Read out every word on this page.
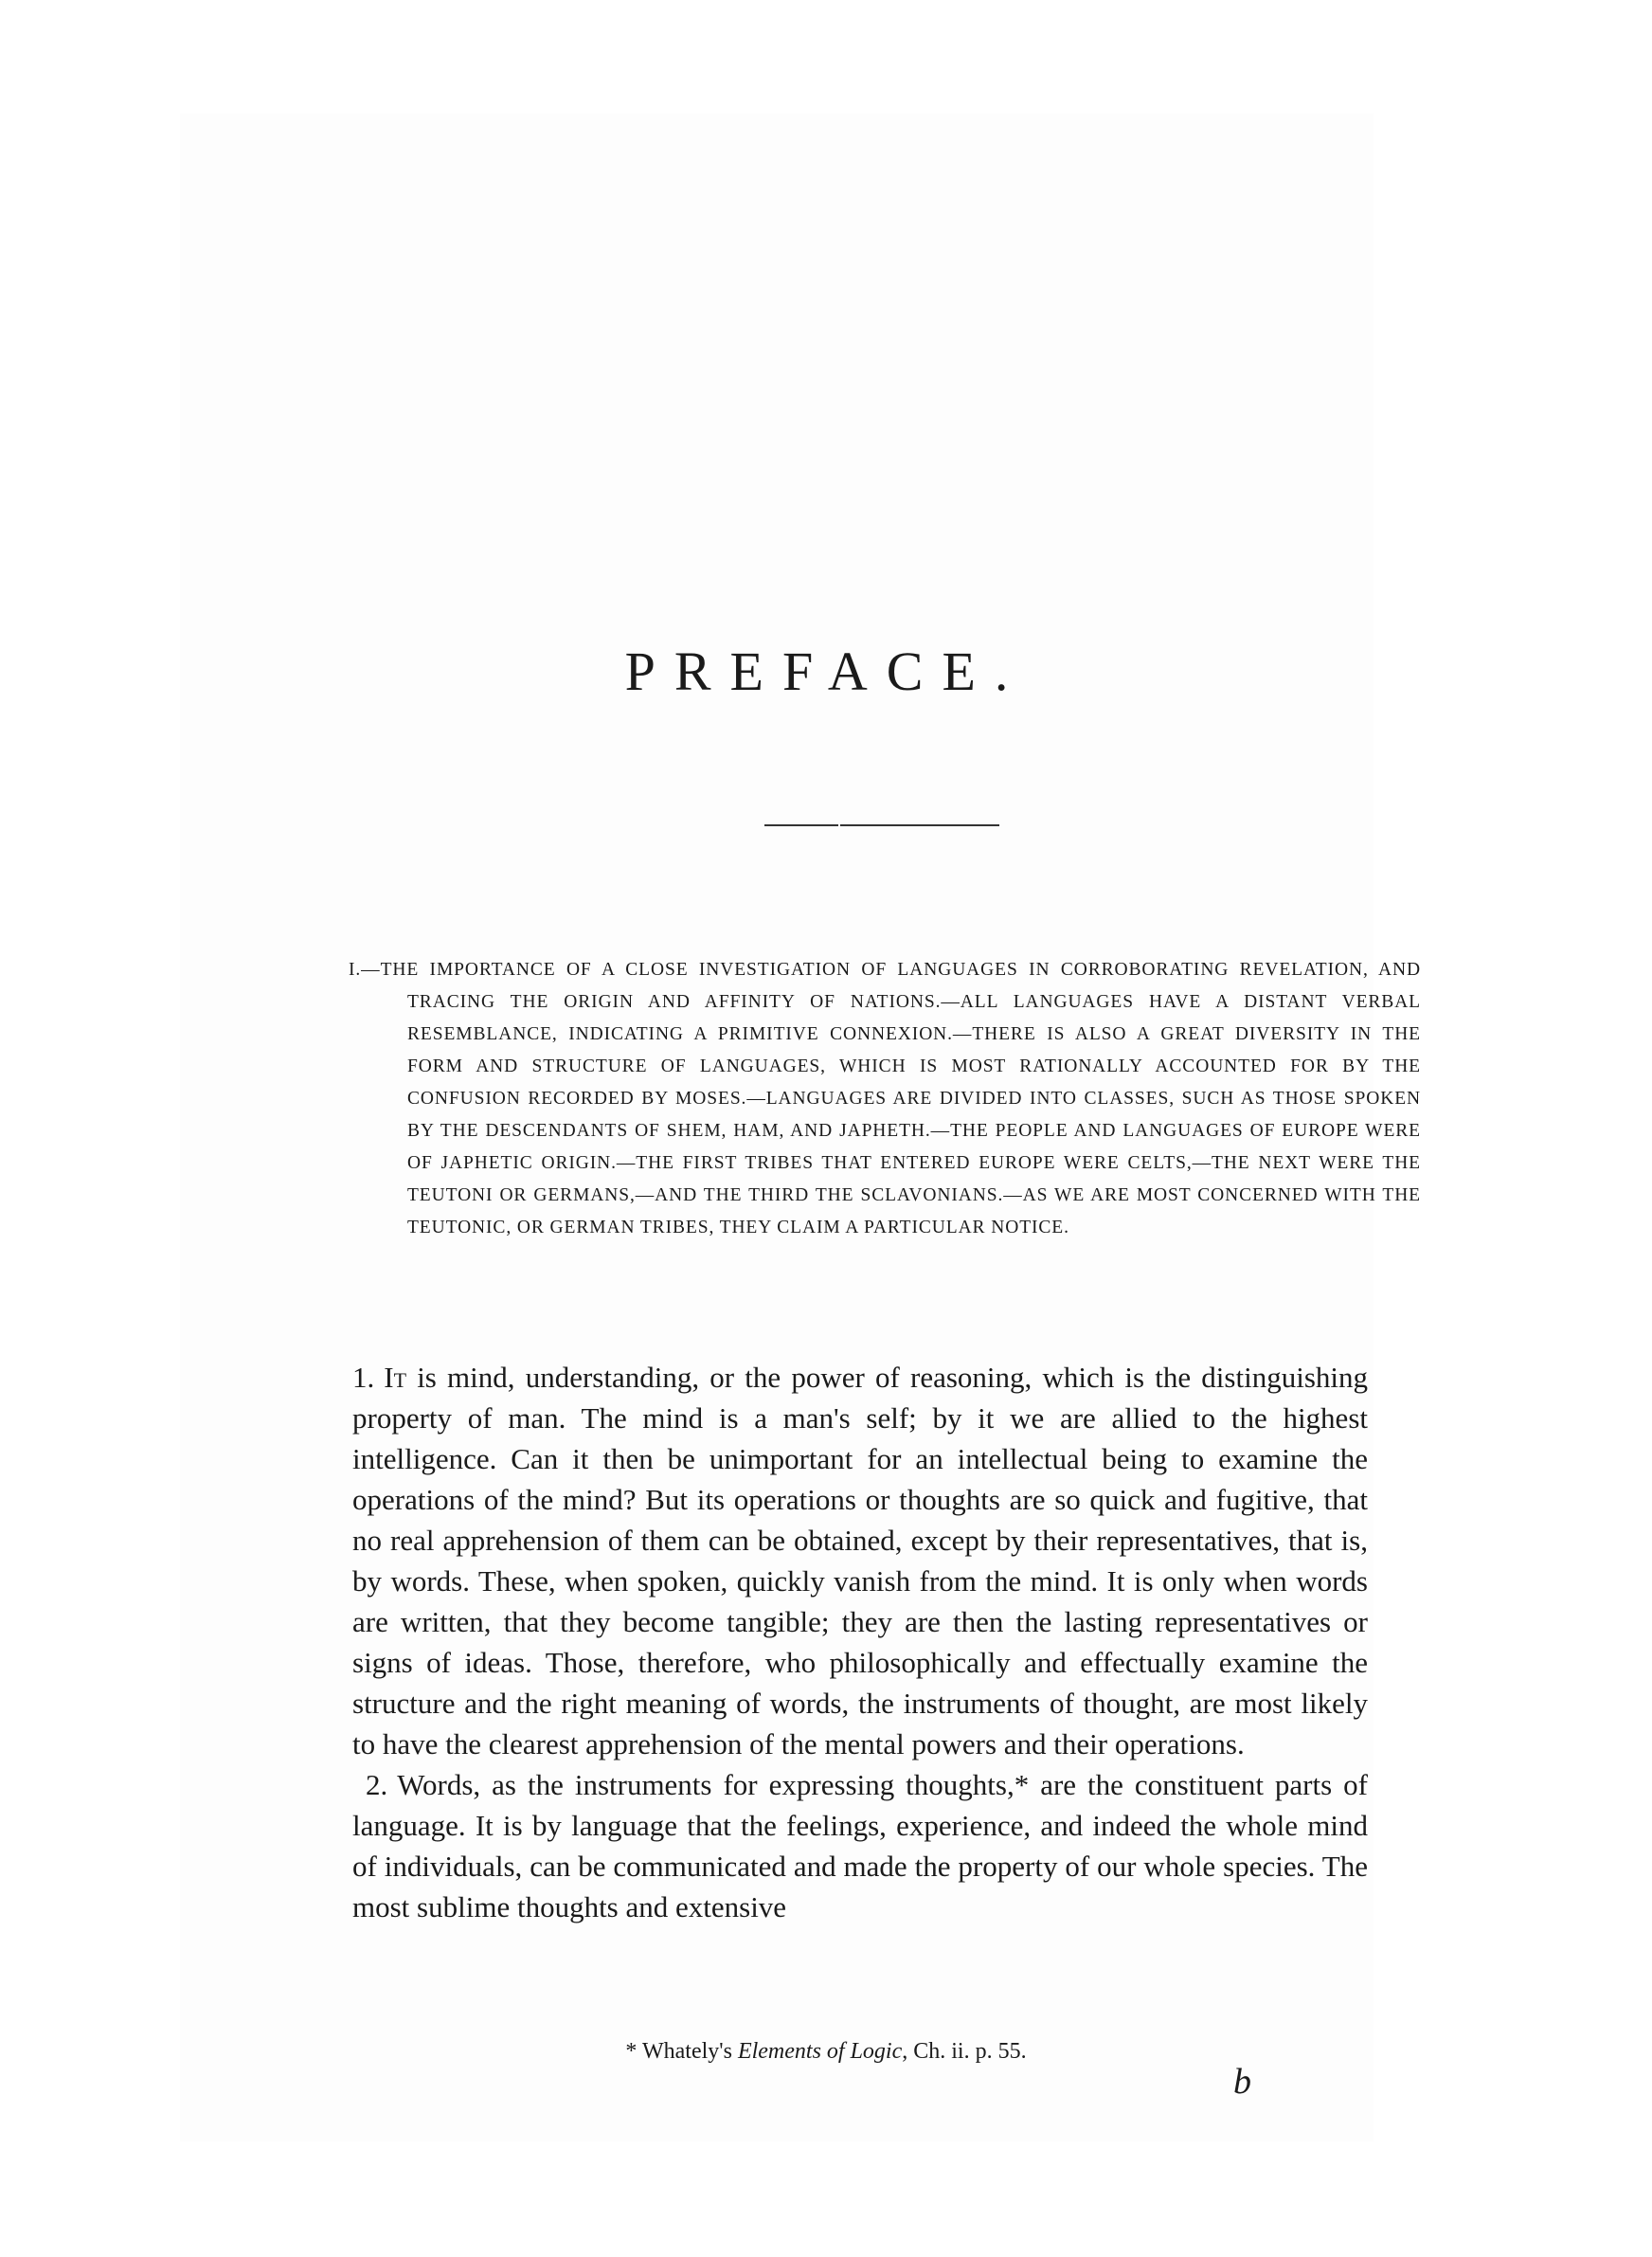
PREFACE.

I.—THE IMPORTANCE OF A CLOSE INVESTIGATION OF LANGUAGES IN CORROBORATING REVELATION, AND TRACING THE ORIGIN AND AFFINITY OF NATIONS.—ALL LANGUAGES HAVE A DISTANT VERBAL RESEMBLANCE, INDICATING A PRIMITIVE CONNEXION.—THERE IS ALSO A GREAT DIVERSITY IN THE FORM AND STRUCTURE OF LANGUAGES, WHICH IS MOST RATIONALLY ACCOUNTED FOR BY THE CONFUSION RECORDED BY MOSES.—LANGUAGES ARE DIVIDED INTO CLASSES, SUCH AS THOSE SPOKEN BY THE DESCENDANTS OF SHEM, HAM, AND JAPHETH.—THE PEOPLE AND LANGUAGES OF EUROPE WERE OF JAPHETIC ORIGIN.—THE FIRST TRIBES THAT ENTERED EUROPE WERE CELTS,—THE NEXT WERE THE TEUTONI OR GERMANS,—AND THE THIRD THE SCLAVONIANS.—AS WE ARE MOST CONCERNED WITH THE TEUTONIC, OR GERMAN TRIBES, THEY CLAIM A PARTICULAR NOTICE.

1. It is mind, understanding, or the power of reasoning, which is the distinguishing property of man. The mind is a man's self; by it we are allied to the highest intelligence. Can it then be unimportant for an intellectual being to examine the operations of the mind? But its operations or thoughts are so quick and fugitive, that no real apprehension of them can be obtained, except by their representatives, that is, by words. These, when spoken, quickly vanish from the mind. It is only when words are written, that they become tangible; they are then the lasting representatives or signs of ideas. Those, therefore, who philosophically and effectually examine the structure and the right meaning of words, the instruments of thought, are most likely to have the clearest apprehension of the mental powers and their operations.

2. Words, as the instruments for expressing thoughts,* are the constituent parts of language. It is by language that the feelings, experience, and indeed the whole mind of individuals, can be communicated and made the property of our whole species. The most sublime thoughts and extensive

* Whately's Elements of Logic, Ch. ii. p. 55.

b
